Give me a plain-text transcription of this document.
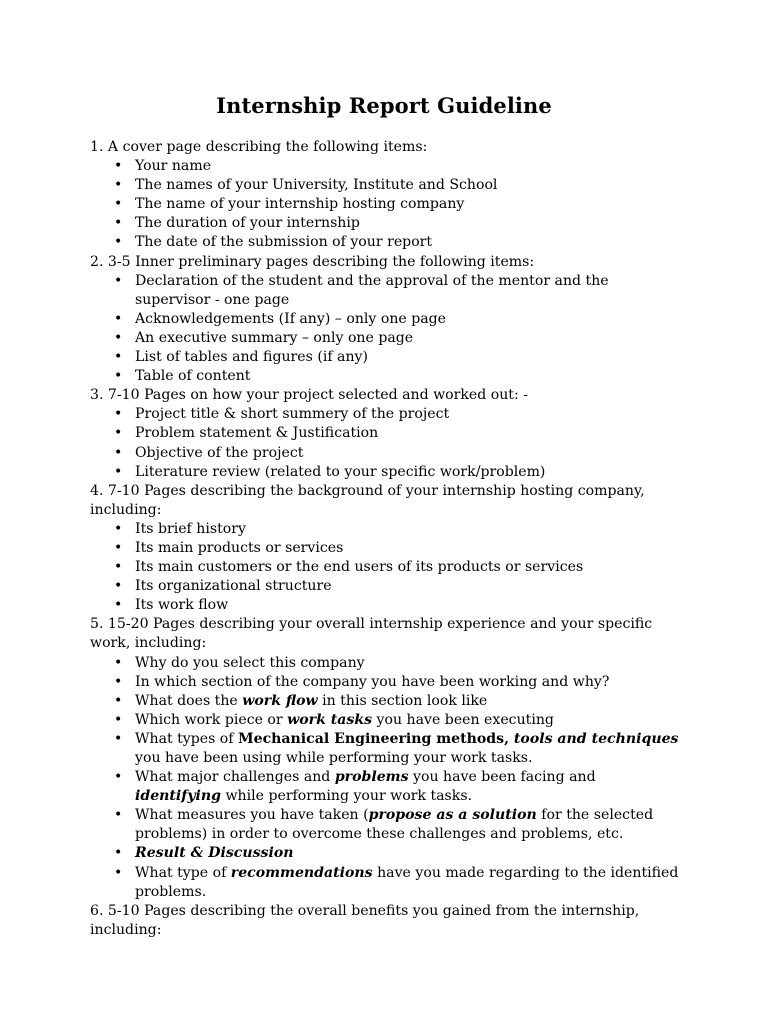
Internship Report Guideline
1. A cover page describing the following items:
• Your name
• The names of your University, Institute and School
• The name of your internship hosting company
• The duration of your internship
• The date of the submission of your report
2. 3-5 Inner preliminary pages describing the following items:
• Declaration of the student and the approval of the mentor and the supervisor - one page
• Acknowledgements (If any) – only one page
• An executive summary – only one page
• List of tables and figures (if any)
• Table of content
3. 7-10 Pages on how your project selected and worked out: -
• Project title & short summery of the project
• Problem statement & Justification
• Objective of the project
• Literature review (related to your specific work/problem)
4. 7-10 Pages describing the background of your internship hosting company, including:
• Its brief history
• Its main products or services
• Its main customers or the end users of its products or services
• Its organizational structure
• Its work flow
5. 15-20 Pages describing your overall internship experience and your specific work, including:
• Why do you select this company
• In which section of the company you have been working and why?
• What does the work flow in this section look like
• Which work piece or work tasks you have been executing
• What types of Mechanical Engineering methods, tools and techniques you have been using while performing your work tasks.
• What major challenges and problems you have been facing and identifying while performing your work tasks.
• What measures you have taken (propose as a solution for the selected problems) in order to overcome these challenges and problems, etc.
• Result & Discussion
• What type of recommendations have you made regarding to the identified problems.
6. 5-10 Pages describing the overall benefits you gained from the internship, including:
